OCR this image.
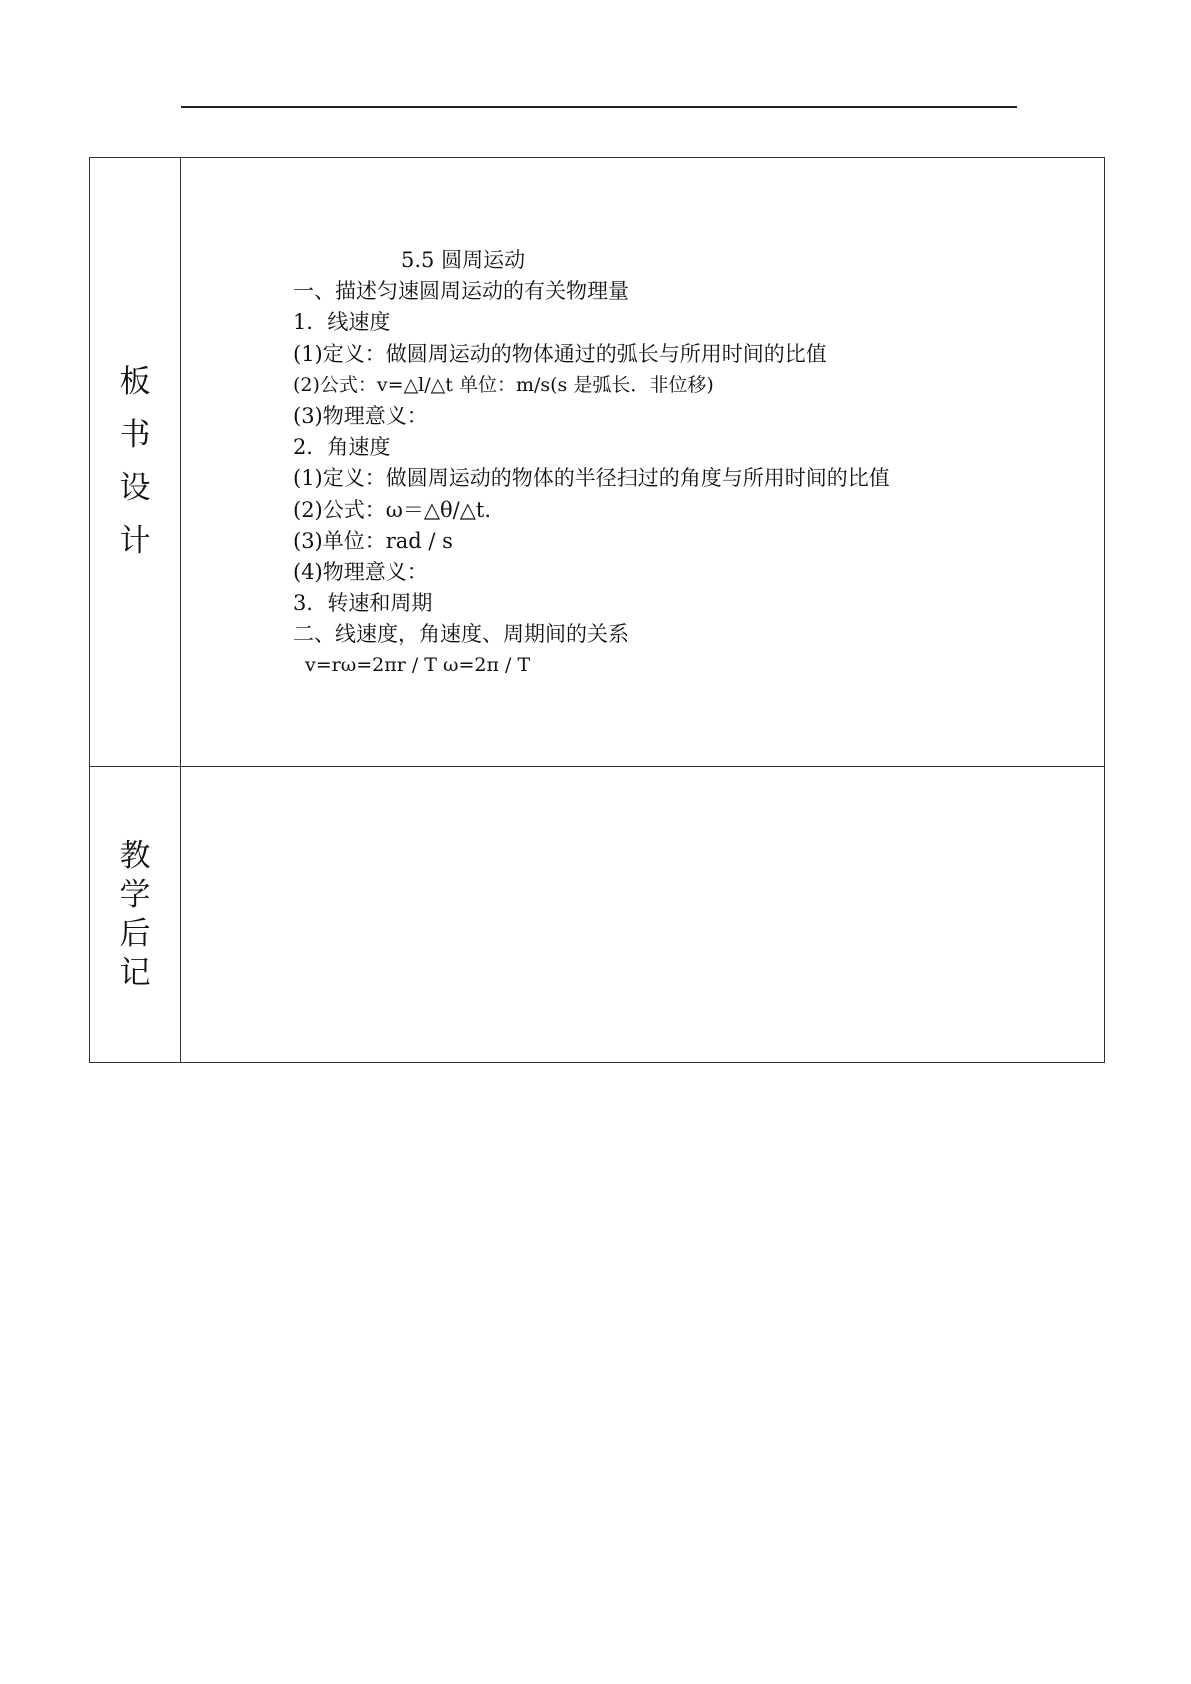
板
书
设
计
5.5 圆周运动
一、描述匀速圆周运动的有关物理量
1．线速度
(1)定义：做圆周运动的物体通过的弧长与所用时间的比值
(2)公式：v=△l/△t 单位：m/s(s 是弧长．非位移)
(3)物理意义：
2．角速度
(1)定义：做圆周运动的物体的半径扫过的角度与所用时间的比值
(2)公式：ω＝△θ/△t.
(3)单位：rad / s
(4)物理意义：
3．转速和周期
二、线速度，角速度、周期间的关系
v=rω=2πr / T ω=2π / T
教
学
后
记
